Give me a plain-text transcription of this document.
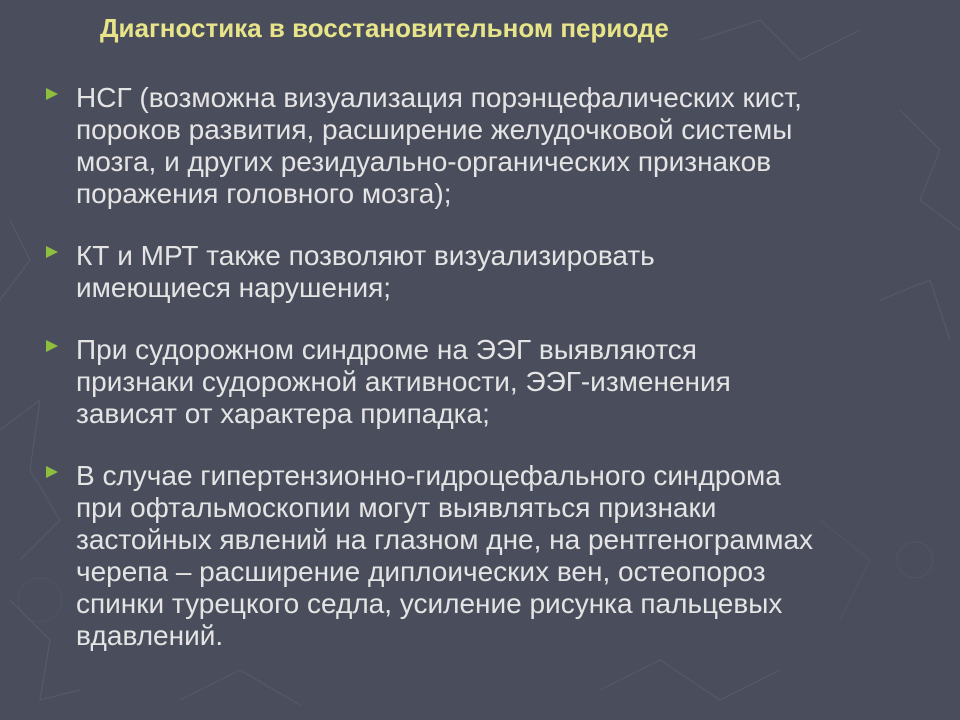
Диагностика в восстановительном периоде
НСГ (возможна визуализация порэнцефалических кист,
пороков развития, расширение желудочковой системы
мозга, и других резидуально-органических признаков
поражения головного мозга);
КТ и МРТ также позволяют визуализировать
имеющиеся нарушения;
При судорожном синдроме на ЭЭГ выявляются
признаки судорожной активности, ЭЭГ-изменения
зависят от характера припадка;
В случае гипертензионно-гидроцефального синдрома
при офтальмоскопии могут выявляться признаки
застойных явлений на глазном дне, на рентгенограммах
черепа – расширение диплоических вен, остеопороз
спинки турецкого седла, усиление рисунка пальцевых
вдавлений.
